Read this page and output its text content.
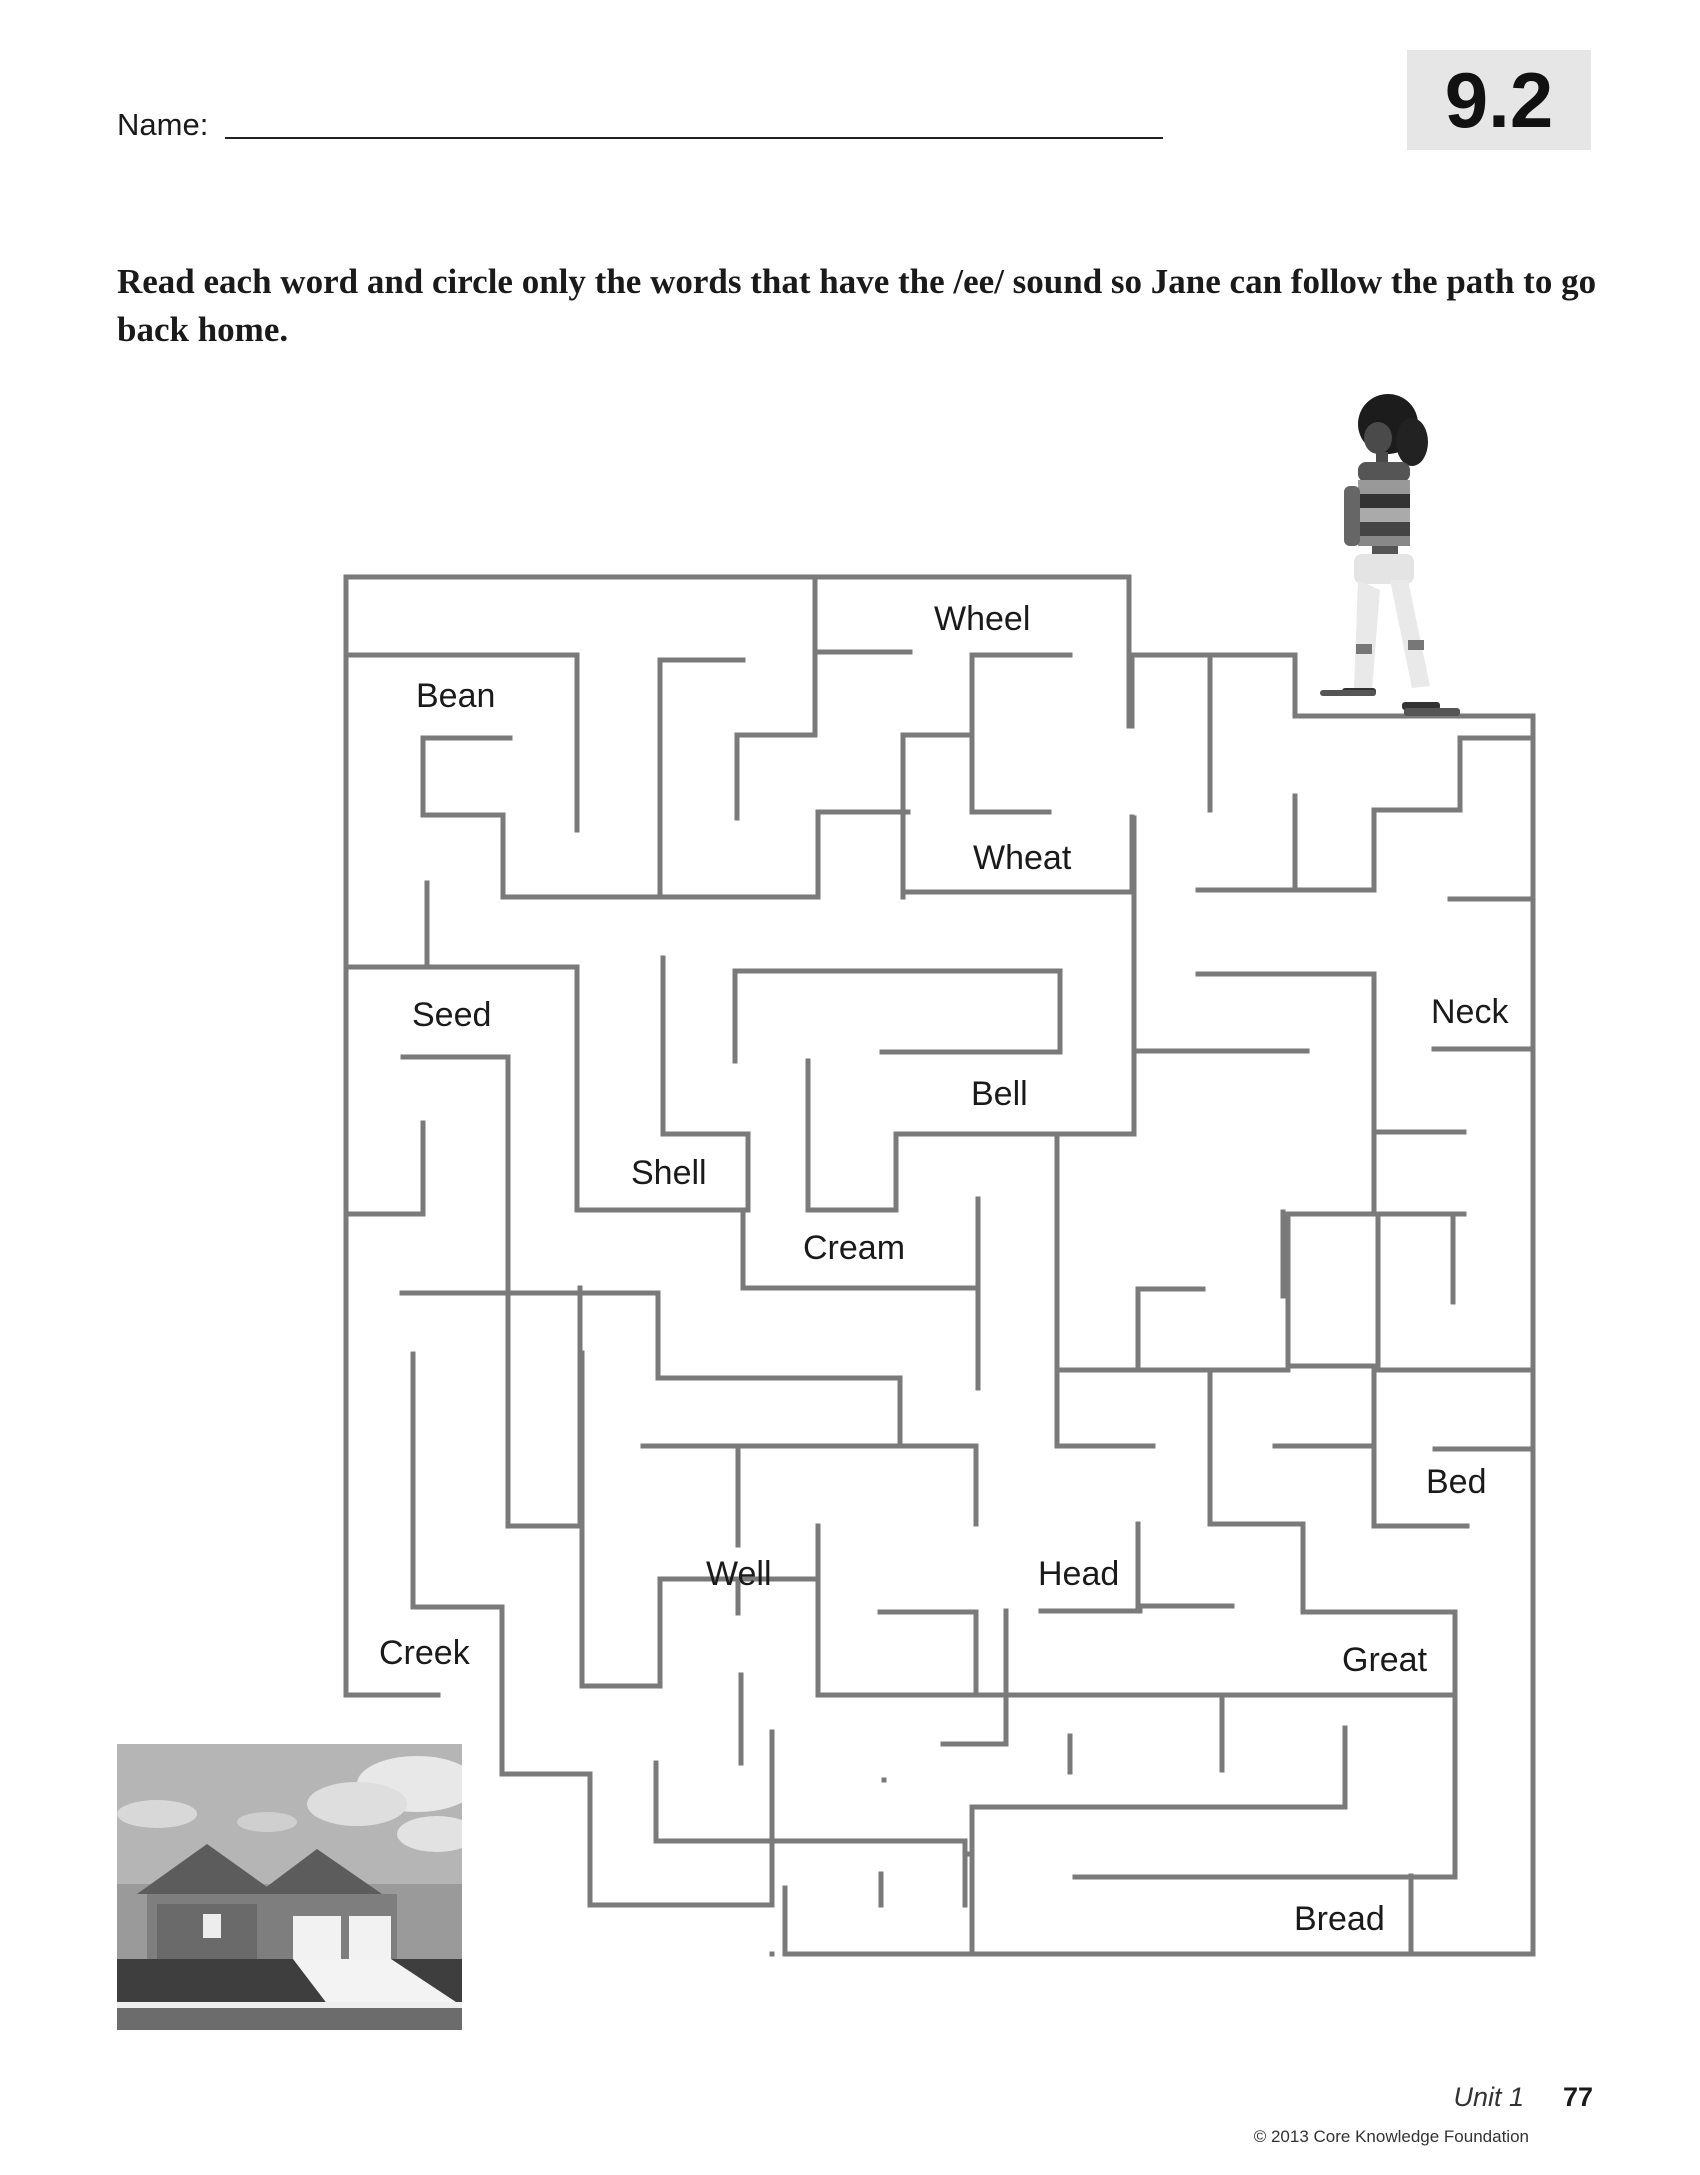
Name:	9.2

Read each word and circle only the words that have the /ee/ sound so Jane can follow the path to go back home.

Wheel
Bean
Wheat
Seed	Neck
Bell
Shell
Cream
Bed
Well	Head
Creek	Great
Bread
Unit 1 77
© 2013 Core Knowledge Foundation
